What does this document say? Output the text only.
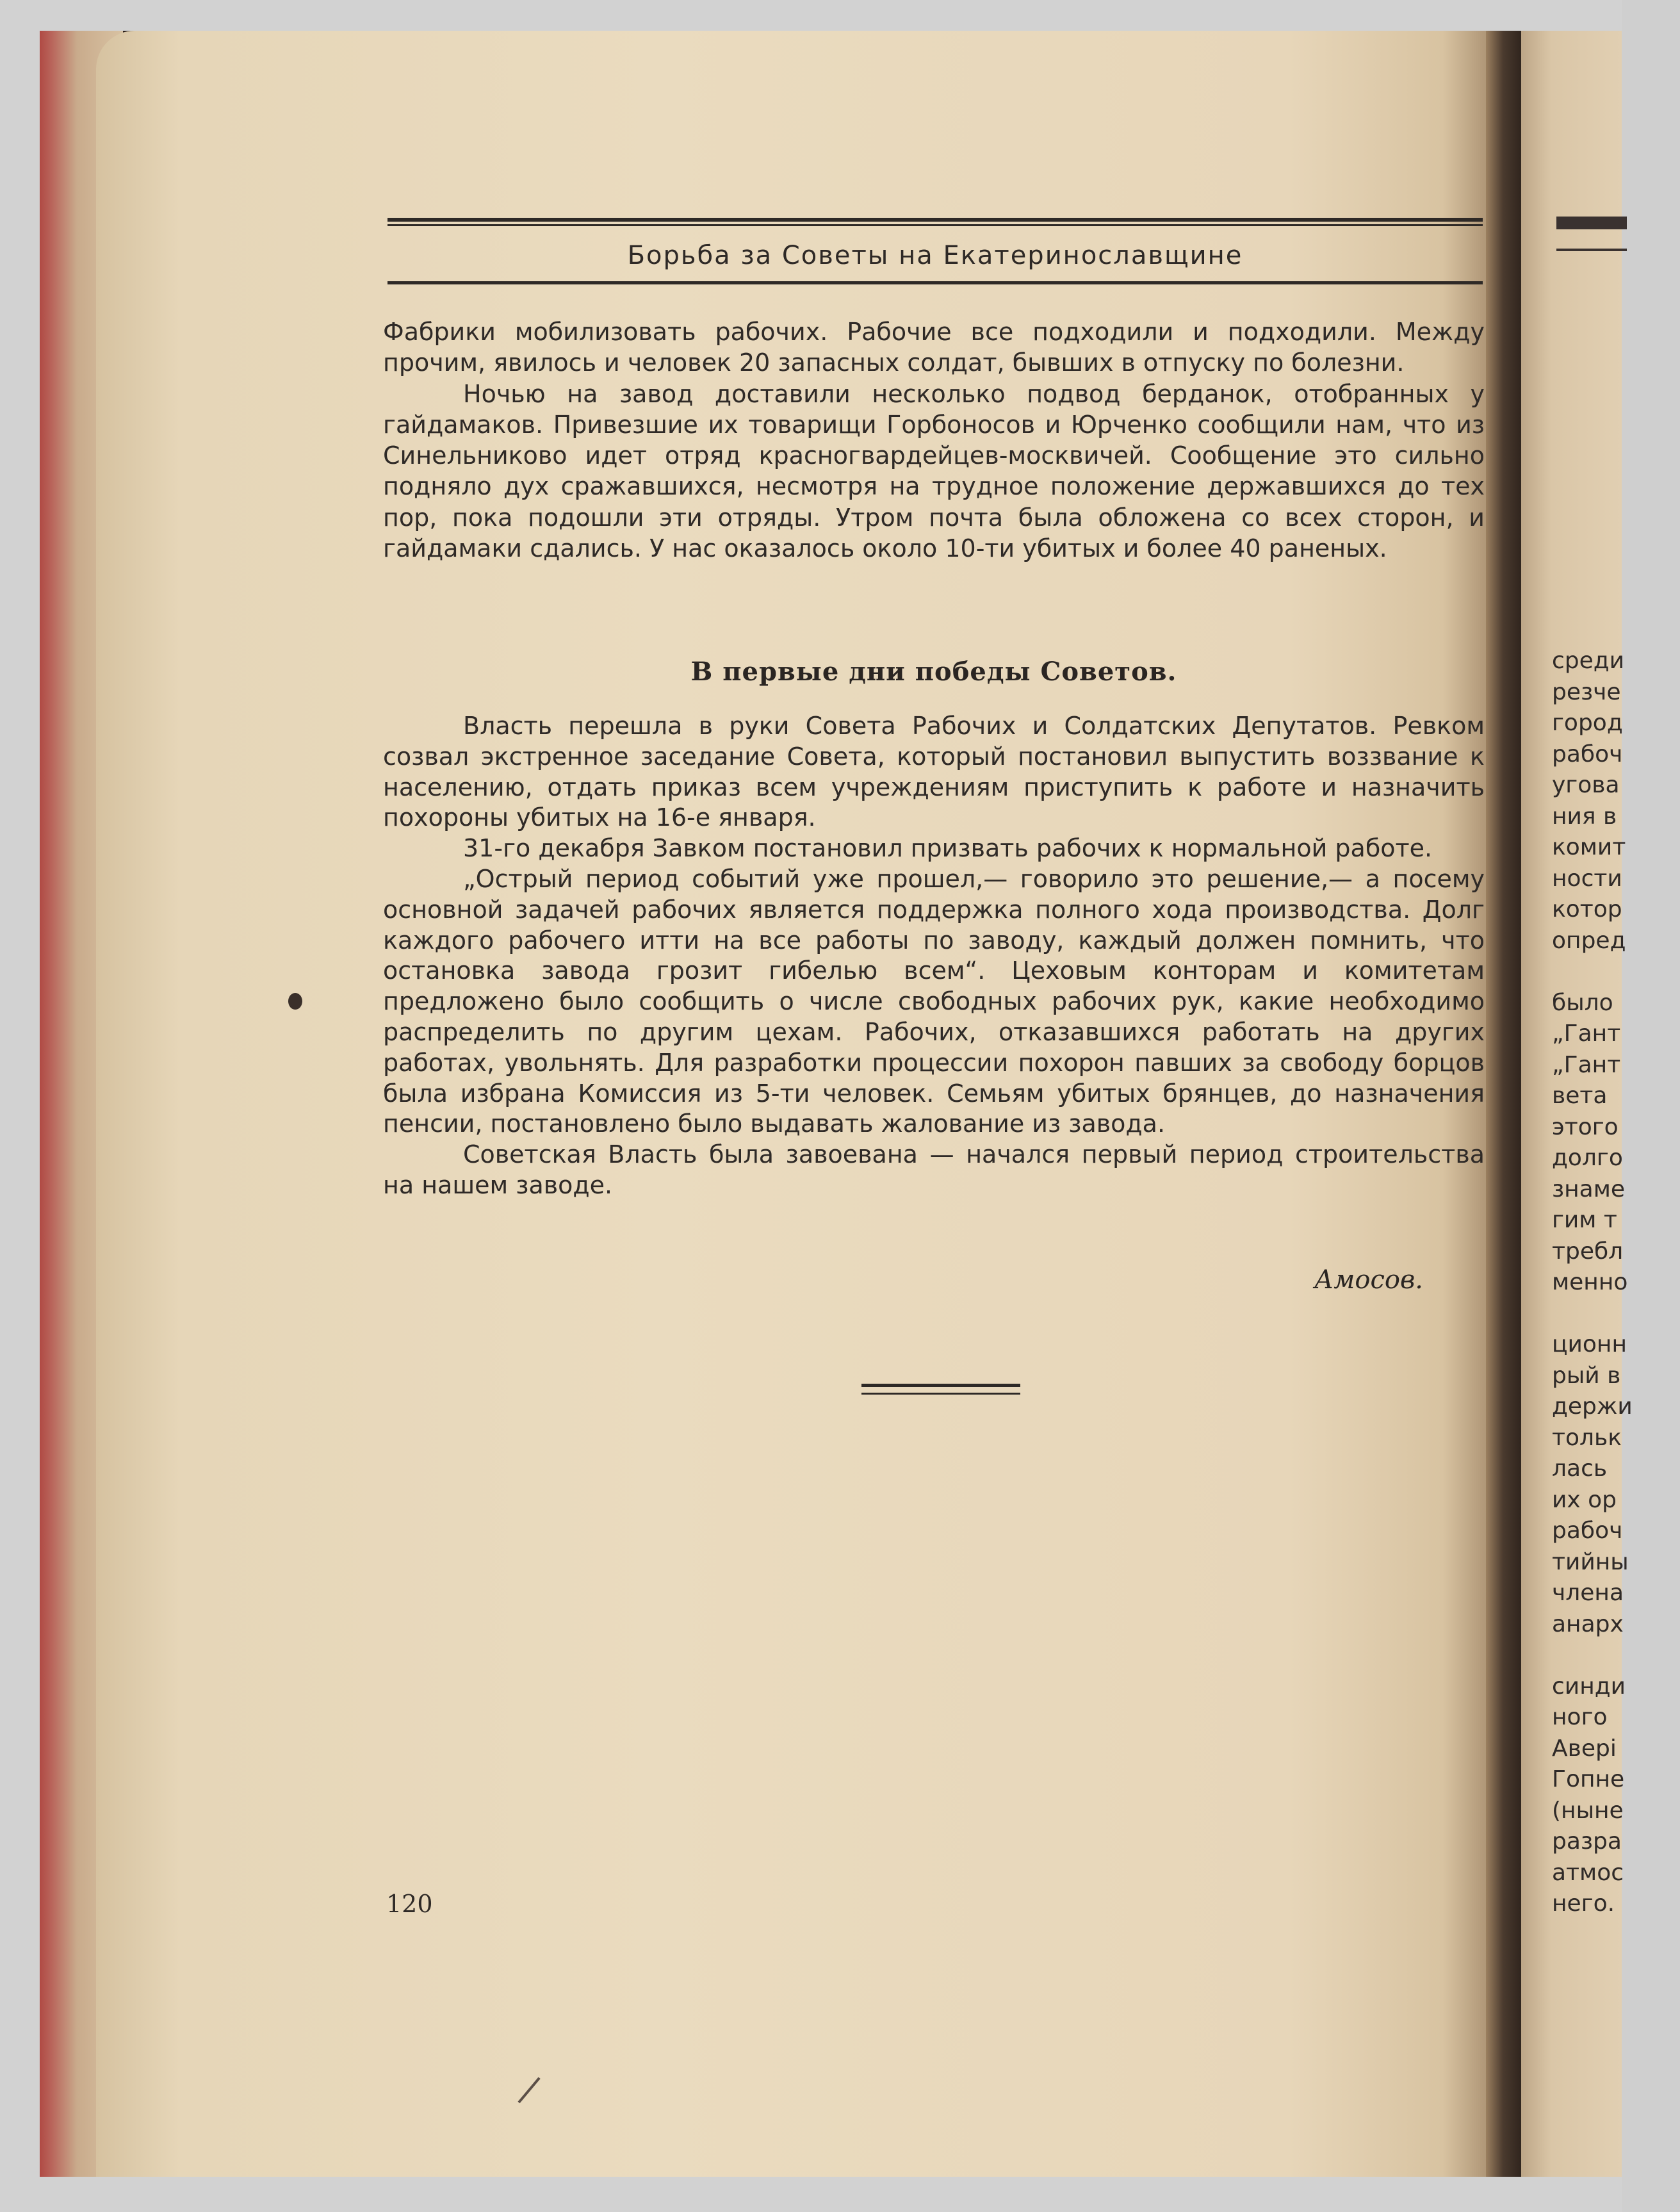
среди
резче
город
рабоч
угова
ния в
комит
ности
котор
опред
было
„Гант
„Гант
вета
этого
долго
знаме
гим т
требл
менно
ционн
рый в
держи
тольк
лась
их ор
рабоч
тийны
члена
анарх
синди
ного
Авері
Гопне
(ныне
разра
атмос
него.
Борьба за Советы на Екатеринославщине

Фабрики мобилизовать рабочих. Рабочие все подходили и подходили. Между прочим, явилось и человек 20 запасных солдат, бывших в отпуску по болезни.

Ночью на завод доставили несколько подвод берданок, отобранных у гайдамаков. Привезшие их товарищи Горбоносов и Юрченко сообщили нам, что из Синельниково идет отряд красногвардейцев-москвичей. Сообщение это сильно подняло дух сражавшихся, несмотря на трудное положение державшихся до тех пор, пока подошли эти отряды. Утром почта была обложена со всех сторон, и гайдамаки сдались. У нас оказалось около 10-ти убитых и более 40 раненых.

В первые дни победы Советов.

Власть перешла в руки Совета Рабочих и Солдатских Депутатов. Ревком созвал экстренное заседание Совета, который постановил выпустить воззвание к населению, отдать приказ всем учреждениям приступить к работе и назначить похороны убитых на 16-е января.

31-го декабря Завком постановил призвать рабочих к нормальной работе.

„Острый период событий уже прошел,— говорило это решение,— а посему основной задачей рабочих является поддержка полного хода производства. Долг каждого рабочего итти на все работы по заводу, каждый должен помнить, что остановка завода грозит гибелью всем“. Цеховым конторам и комитетам предложено было сообщить о числе свободных рабочих рук, какие необходимо распределить по другим цехам. Рабочих, отказавшихся работать на других работах, увольнять. Для разработки процессии похорон павших за свободу борцов была избрана Комиссия из 5-ти человек. Семьям убитых брянцев, до назначения пенсии, постановлено было выдавать жалование из завода.

Советская Власть была завоевана — начался первый период строительства на нашем заводе.

Амосов.
120
